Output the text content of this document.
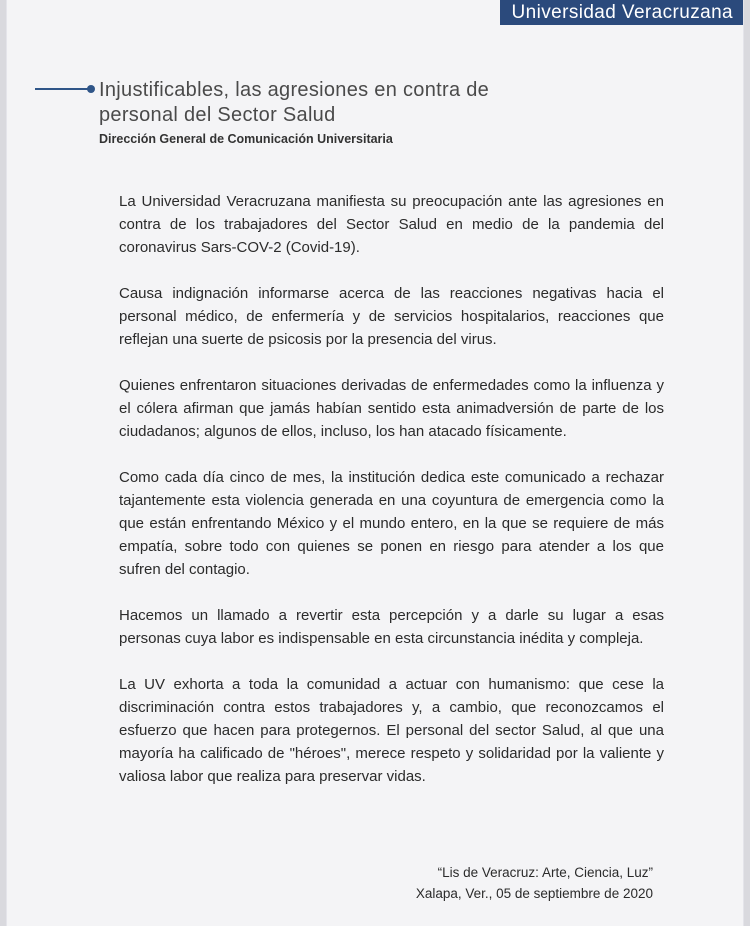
Universidad Veracruzana
Injustificables, las agresiones en contra de personal del Sector Salud
Dirección General de Comunicación Universitaria

La Universidad Veracruzana manifiesta su preocupación ante las agresiones en contra de los trabajadores del Sector Salud en medio de la pandemia del coronavirus Sars-COV-2 (Covid-19).

Causa indignación informarse acerca de las reacciones negativas hacia el personal médico, de enfermería y de servicios hospitalarios, reacciones que reflejan una suerte de psicosis por la presencia del virus.

Quienes enfrentaron situaciones derivadas de enfermedades como la influenza y el cólera afirman que jamás habían sentido esta animadversión de parte de los ciudadanos; algunos de ellos, incluso, los han atacado físicamente.

Como cada día cinco de mes, la institución dedica este comunicado a rechazar tajantemente esta violencia generada en una coyuntura de emergencia como la que están enfrentando México y el mundo entero, en la que se requiere de más empatía, sobre todo con quienes se ponen en riesgo para atender a los que sufren del contagio.

Hacemos un llamado a revertir esta percepción y a darle su lugar a esas personas cuya labor es indispensable en esta circunstancia inédita y compleja.

La UV exhorta a toda la comunidad a actuar con humanismo: que cese la discriminación contra estos trabajadores y, a cambio, que reconozcamos el esfuerzo que hacen para protegernos. El personal del sector Salud, al que una mayoría ha calificado de "héroes", merece respeto y solidaridad por la valiente y valiosa labor que realiza para preservar vidas.

“Lis de Veracruz: Arte, Ciencia, Luz”
Xalapa, Ver., 05 de septiembre de 2020
